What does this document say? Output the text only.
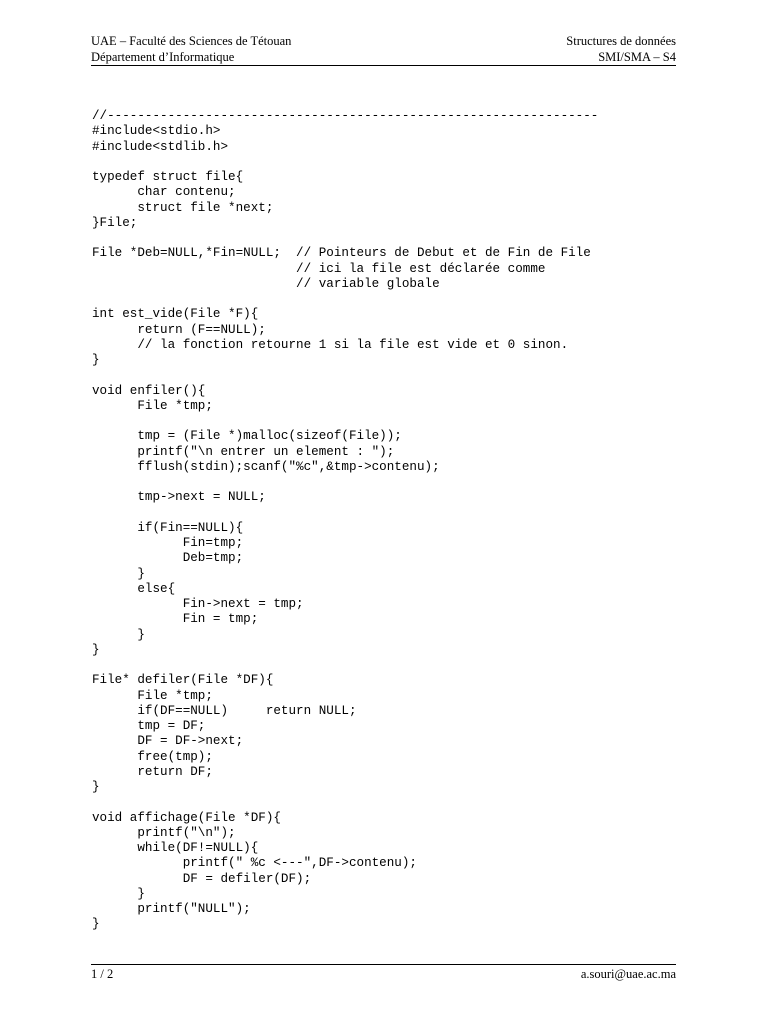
UAE – Faculté des Sciences de Tétouan	Structures de données
Département d’Informatique	SMI/SMA – S4
//-----------------------------------------------------------------
#include<stdio.h>
#include<stdlib.h>
typedef struct file{
char contenu;
struct file *next;
}File;
File *Deb=NULL,*Fin=NULL;  // Pointeurs de Debut et de Fin de File
// ici la file est déclarée comme
// variable globale
int est_vide(File *F){
return (F==NULL);
// la fonction retourne 1 si la file est vide et 0 sinon.
}
void enfiler(){
File *tmp;
tmp = (File *)malloc(sizeof(File));
printf("\n entrer un element : ");
fflush(stdin);scanf("%c",&tmp->contenu);
tmp->next = NULL;
if(Fin==NULL){
Fin=tmp;
Deb=tmp;
}
else{
Fin->next = tmp;
Fin = tmp;
}
}
File* defiler(File *DF){
File *tmp;
if(DF==NULL)     return NULL;
tmp = DF;
DF = DF->next;
free(tmp);
return DF;
}
void affichage(File *DF){
printf("\n");
while(DF!=NULL){
printf(" %c <---",DF->contenu);
DF = defiler(DF);
}
printf("NULL");
}
1 / 2	a.souri@uae.ac.ma
